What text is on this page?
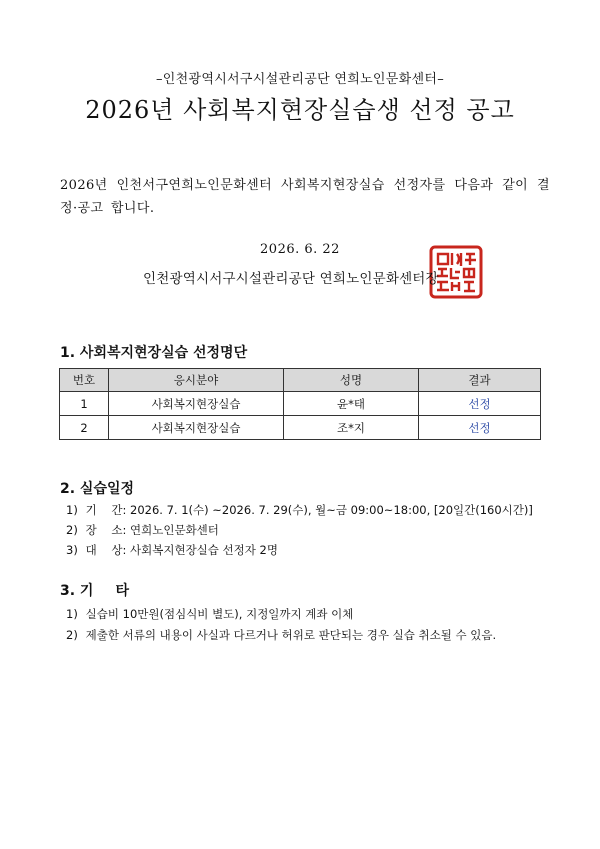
–인천광역시서구시설관리공단 연희노인문화센터–
2026년 사회복지현장실습생 선정 공고
2026년 인천서구연희노인문화센터 사회복지현장실습 선정자를 다음과 같이 결정·공고 합니다.
2026. 6. 22
인천광역시서구시설관리공단 연희노인문화센터장
1. 사회복지현장실습 선정명단
번호	응시분야	성명	결과
1	사회복지현장실습	윤*태	선정
2	사회복지현장실습	조*지	선정
2. 실습일정
1) 기    간: 2026. 7. 1(수) ~2026. 7. 29(수), 월~금 09:00~18:00, [20일간(160시간)]
2) 장    소: 연희노인문화센터
3) 대    상: 사회복지현장실습 선정자 2명
3. 기 타
1) 실습비 10만원(점심식비 별도), 지정일까지 계좌 이체
2) 제출한 서류의 내용이 사실과 다르거나 허위로 판단되는 경우 실습 취소될 수 있음.
